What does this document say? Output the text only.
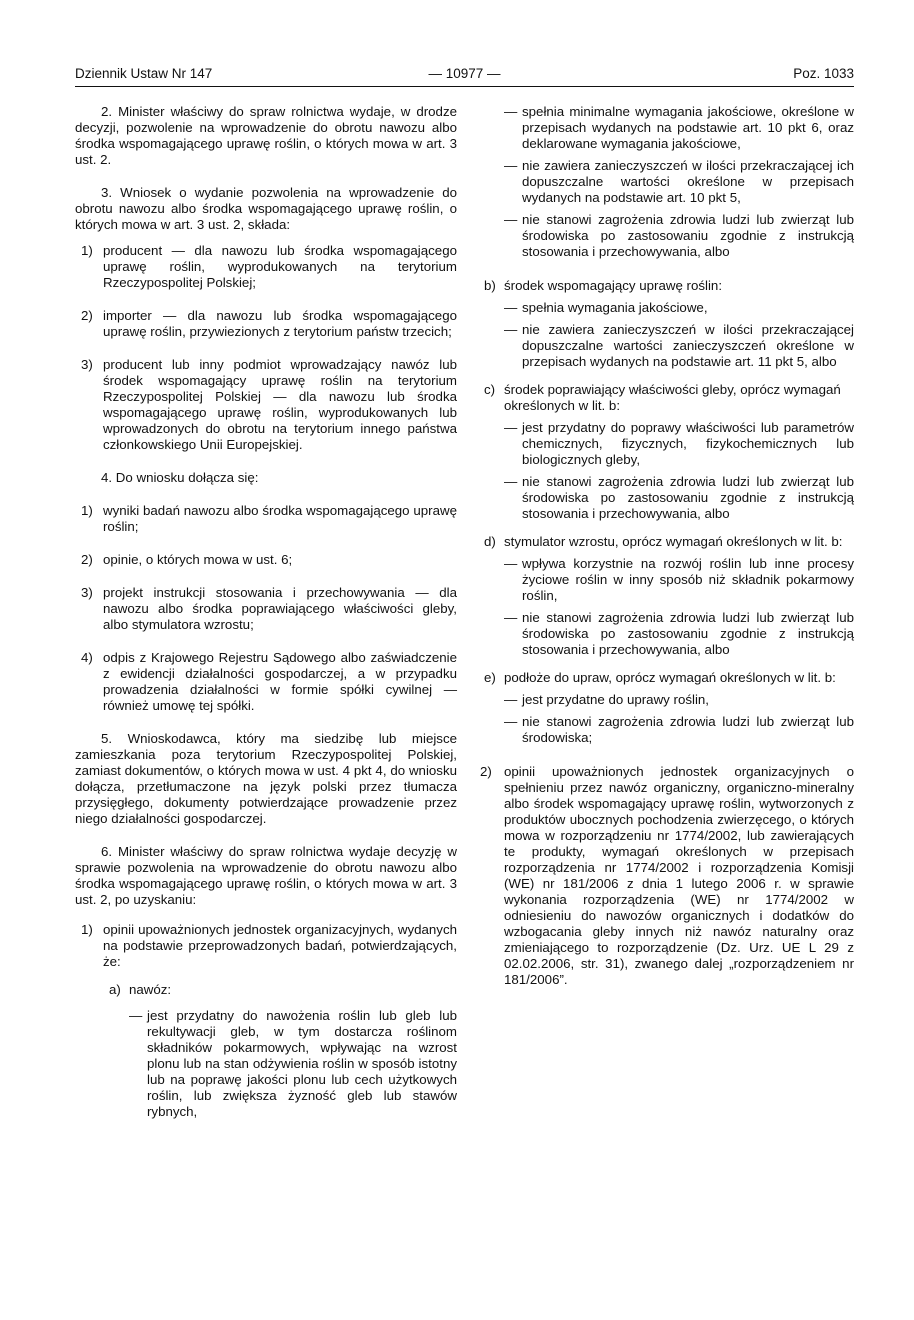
Dziennik Ustaw Nr 147	— 10977 —	Poz. 1033

2. Minister właściwy do spraw rolnictwa wydaje, w drodze decyzji, pozwolenie na wprowadzenie do obrotu nawozu albo środka wspomagającego uprawę roślin, o których mowa w art. 3 ust. 2.

3. Wniosek o wydanie pozwolenia na wprowadzenie do obrotu nawozu albo środka wspomagającego uprawę roślin, o których mowa w art. 3 ust. 2, składa:

1) producent — dla nawozu lub środka wspomagającego uprawę roślin, wyprodukowanych na terytorium Rzeczypospolitej Polskiej;
2) importer — dla nawozu lub środka wspomagającego uprawę roślin, przywiezionych z terytorium państw trzecich;
3) producent lub inny podmiot wprowadzający nawóz lub środek wspomagający uprawę roślin na terytorium Rzeczypospolitej Polskiej — dla nawozu lub środka wspomagającego uprawę roślin, wyprodukowanych lub wprowadzonych do obrotu na terytorium innego państwa członkowskiego Unii Europejskiej.

4. Do wniosku dołącza się:

1) wyniki badań nawozu albo środka wspomagającego uprawę roślin;
2) opinie, o których mowa w ust. 6;
3) projekt instrukcji stosowania i przechowywania — dla nawozu albo środka poprawiającego właściwości gleby, albo stymulatora wzrostu;
4) odpis z Krajowego Rejestru Sądowego albo zaświadczenie z ewidencji działalności gospodarczej, a w przypadku prowadzenia działalności w formie spółki cywilnej — również umowę tej spółki.

5. Wnioskodawca, który ma siedzibę lub miejsce zamieszkania poza terytorium Rzeczypospolitej Polskiej, zamiast dokumentów, o których mowa w ust. 4 pkt 4, do wniosku dołącza, przetłumaczone na język polski przez tłumacza przysięgłego, dokumenty potwierdzające prowadzenie przez niego działalności gospodarczej.

6. Minister właściwy do spraw rolnictwa wydaje decyzję w sprawie pozwolenia na wprowadzenie do obrotu nawozu albo środka wspomagającego uprawę roślin, o których mowa w art. 3 ust. 2, po uzyskaniu:

1) opinii upoważnionych jednostek organizacyjnych, wydanych na podstawie przeprowadzonych badań, potwierdzających, że:
a) nawóz:
— jest przydatny do nawożenia roślin lub gleb lub rekultywacji gleb, w tym dostarcza roślinom składników pokarmowych, wpływając na wzrost plonu lub na stan odżywienia roślin w sposób istotny lub na poprawę jakości plonu lub cech użytkowych roślin, lub zwiększa żyzność gleb lub stawów rybnych,
— spełnia minimalne wymagania jakościowe, określone w przepisach wydanych na podstawie art. 10 pkt 6, oraz deklarowane wymagania jakościowe,
— nie zawiera zanieczyszczeń w ilości przekraczającej ich dopuszczalne wartości określone w przepisach wydanych na podstawie art. 10 pkt 5,
— nie stanowi zagrożenia zdrowia ludzi lub zwierząt lub środowiska po zastosowaniu zgodnie z instrukcją stosowania i przechowywania, albo
b) środek wspomagający uprawę roślin:
— spełnia wymagania jakościowe,
— nie zawiera zanieczyszczeń w ilości przekraczającej dopuszczalne wartości zanieczyszczeń określone w przepisach wydanych na podstawie art. 11 pkt 5, albo
c) środek poprawiający właściwości gleby, oprócz wymagań określonych w lit. b:
— jest przydatny do poprawy właściwości lub parametrów chemicznych, fizycznych, fizykochemicznych lub biologicznych gleby,
— nie stanowi zagrożenia zdrowia ludzi lub zwierząt lub środowiska po zastosowaniu zgodnie z instrukcją stosowania i przechowywania, albo
d) stymulator wzrostu, oprócz wymagań określonych w lit. b:
— wpływa korzystnie na rozwój roślin lub inne procesy życiowe roślin w inny sposób niż składnik pokarmowy roślin,
— nie stanowi zagrożenia zdrowia ludzi lub zwierząt lub środowiska po zastosowaniu zgodnie z instrukcją stosowania i przechowywania, albo
e) podłoże do upraw, oprócz wymagań określonych w lit. b:
— jest przydatne do uprawy roślin,
— nie stanowi zagrożenia zdrowia ludzi lub zwierząt lub środowiska;
2) opinii upoważnionych jednostek organizacyjnych o spełnieniu przez nawóz organiczny, organiczno-mineralny albo środek wspomagający uprawę roślin, wytworzonych z produktów ubocznych pochodzenia zwierzęcego, o których mowa w rozporządzeniu nr 1774/2002, lub zawierających te produkty, wymagań określonych w przepisach rozporządzenia nr 1774/2002 i rozporządzenia Komisji (WE) nr 181/2006 z dnia 1 lutego 2006 r. w sprawie wykonania rozporządzenia (WE) nr 1774/2002 w odniesieniu do nawozów organicznych i dodatków do wzbogacania gleby innych niż nawóz naturalny oraz zmieniającego to rozporządzenie (Dz. Urz. UE L 29 z 02.02.2006, str. 31), zwanego dalej „rozporządzeniem nr 181/2006”.
